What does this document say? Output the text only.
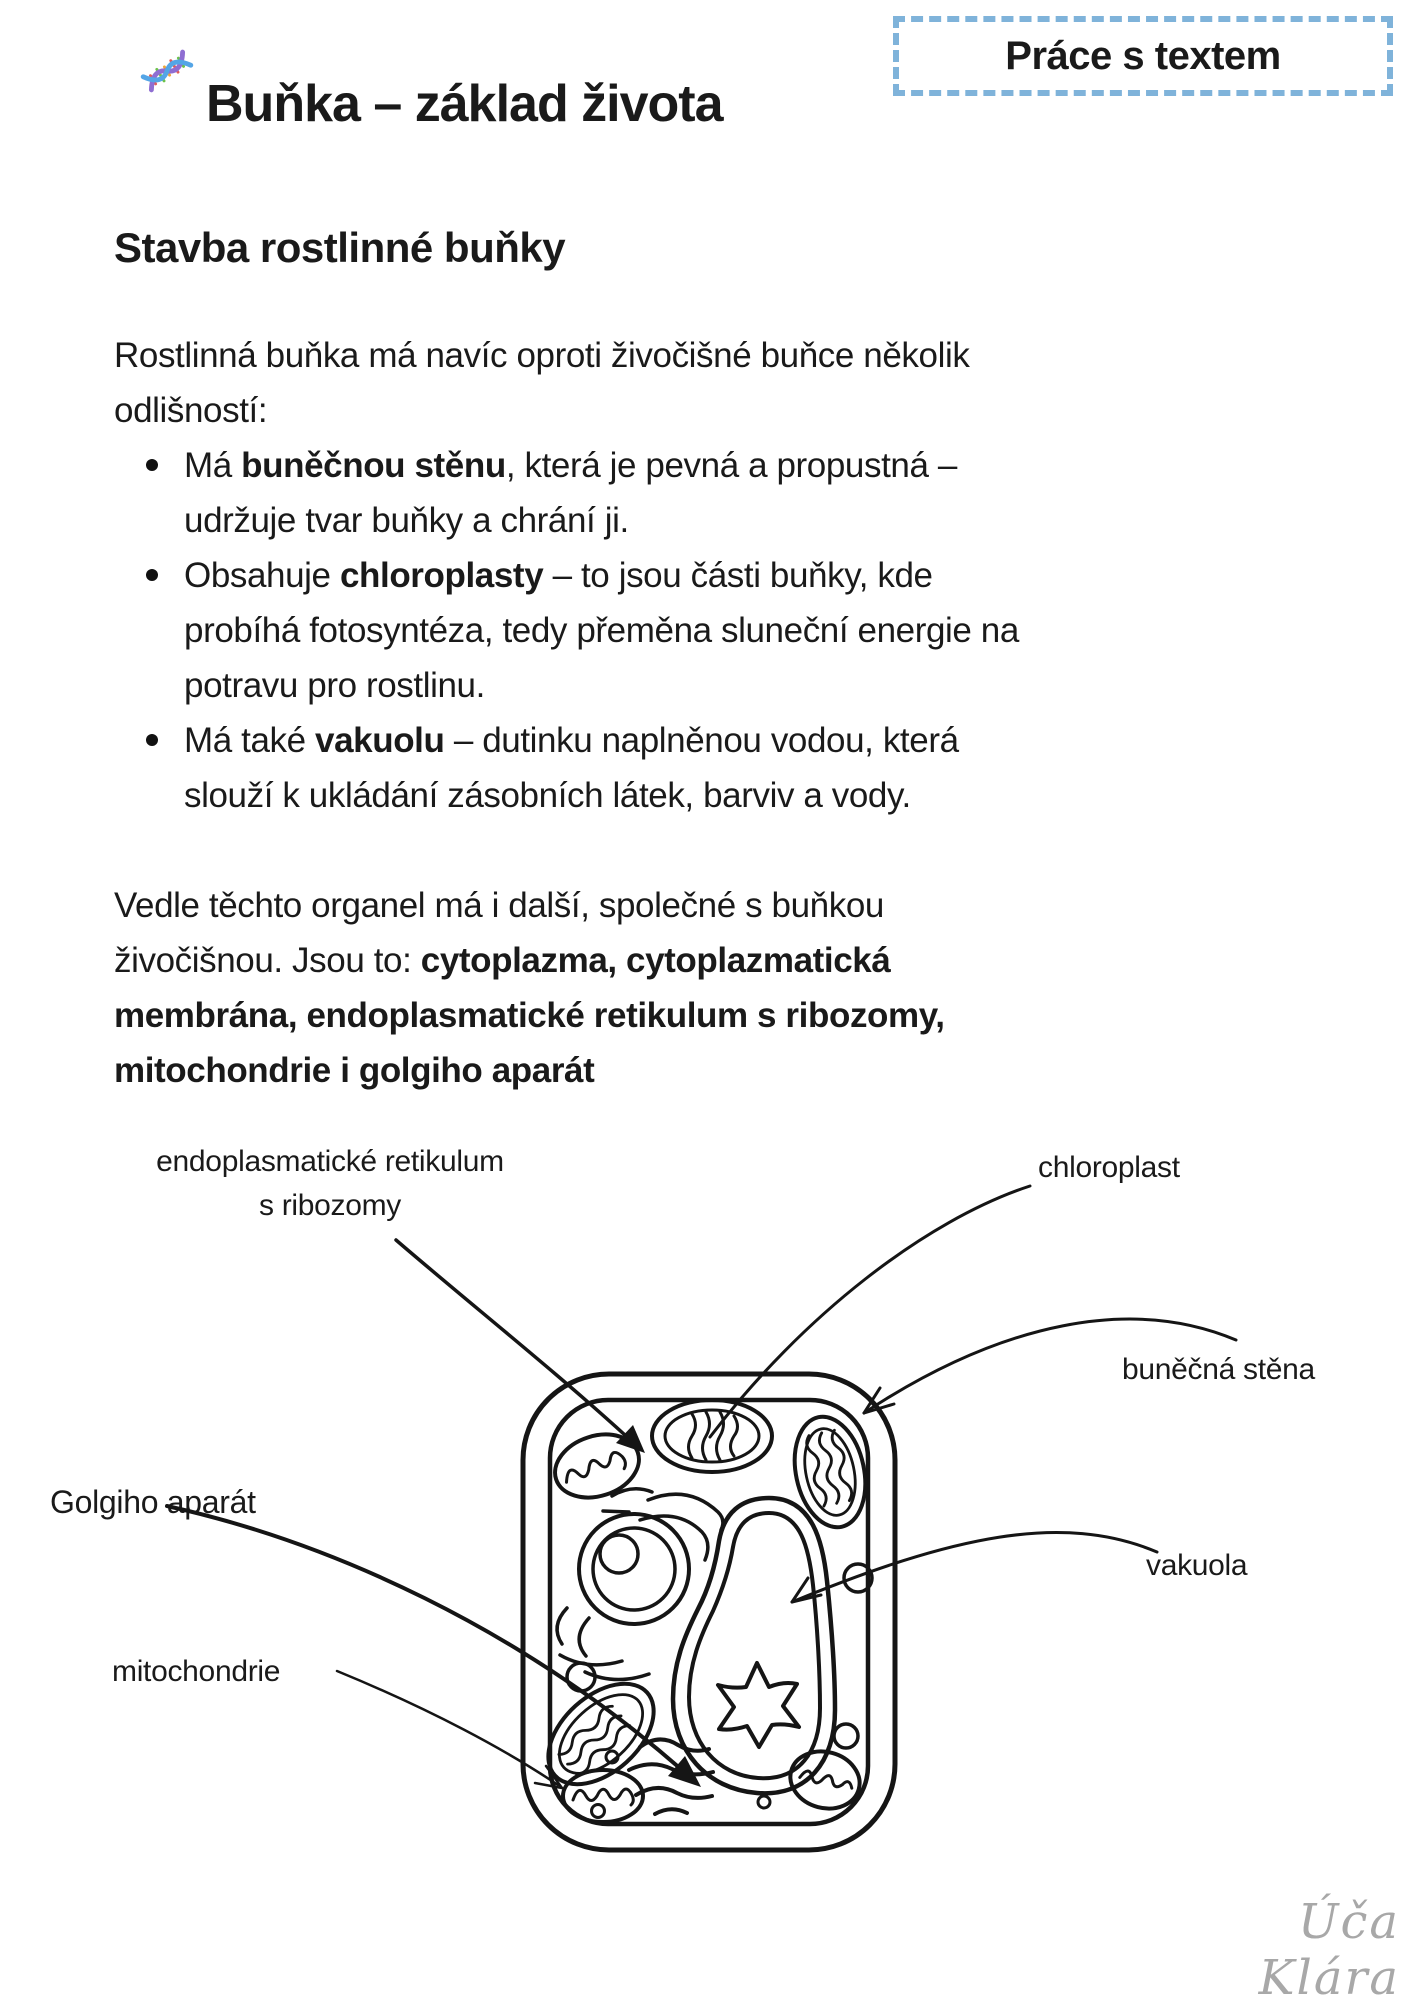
Buňka – základ života
Práce s textem
Stavba rostlinné buňky

Rostlinná buňka má navíc oproti živočišné buňce několik odlišností:

Má buněčnou stěnu, která je pevná a propustná – udržuje tvar buňky a chrání ji.
Obsahuje chloroplasty – to jsou části buňky, kde probíhá fotosyntéza, tedy přeměna sluneční energie na potravu pro rostlinu.
Má také vakuolu – dutinku naplněnou vodou, která slouží k ukládání zásobních látek, barviv a vody.

Vedle těchto organel má i další, společné s buňkou živočišnou. Jsou to: cytoplazma, cytoplazmatická membrána, endoplasmatické retikulum s ribozomy, mitochondrie i golgiho aparát

endoplasmatické retikulum
s ribozomy
chloroplast
buněčná stěna
Golgiho aparát
vakuola
mitochondrie
Úča Klára
